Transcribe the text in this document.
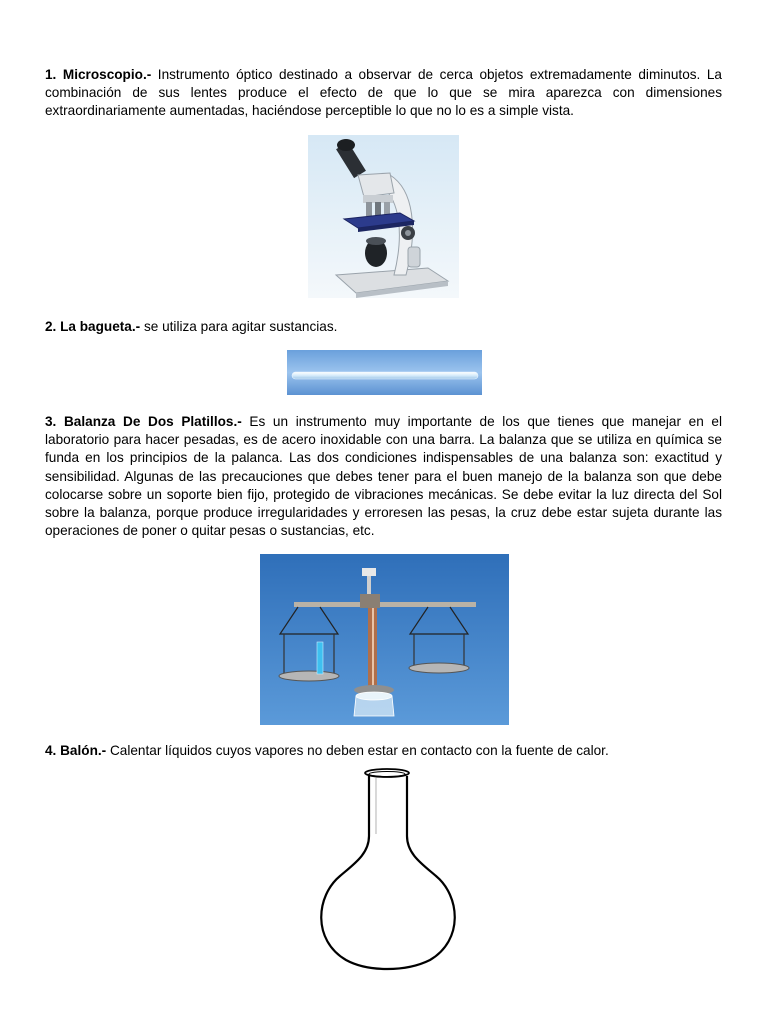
1. Microscopio.- Instrumento óptico destinado a observar de cerca objetos extremadamente diminutos. La combinación de sus lentes produce el efecto de que lo que se mira aparezca con dimensiones extraordinariamente aumentadas, haciéndose perceptible lo que no lo es a simple vista.

2. La bagueta.- se utiliza para agitar sustancias.

3. Balanza De Dos Platillos.- Es un instrumento muy importante de los que tienes que manejar en el laboratorio para hacer pesadas, es de acero inoxidable con una barra. La balanza que se utiliza en química se funda en los principios de la palanca. Las dos condiciones indispensables de una balanza son: exactitud y sensibilidad. Algunas de las precauciones que debes tener para el buen manejo de la balanza son que debe colocarse sobre un soporte bien fijo, protegido de vibraciones mecánicas. Se debe evitar la luz directa del Sol sobre la balanza, porque produce irregularidades y erroresen las pesas, la cruz debe estar sujeta durante las operaciones de poner o quitar pesas o sustancias, etc.

4. Balón.- Calentar líquidos cuyos vapores no deben estar en contacto con la fuente de calor.
